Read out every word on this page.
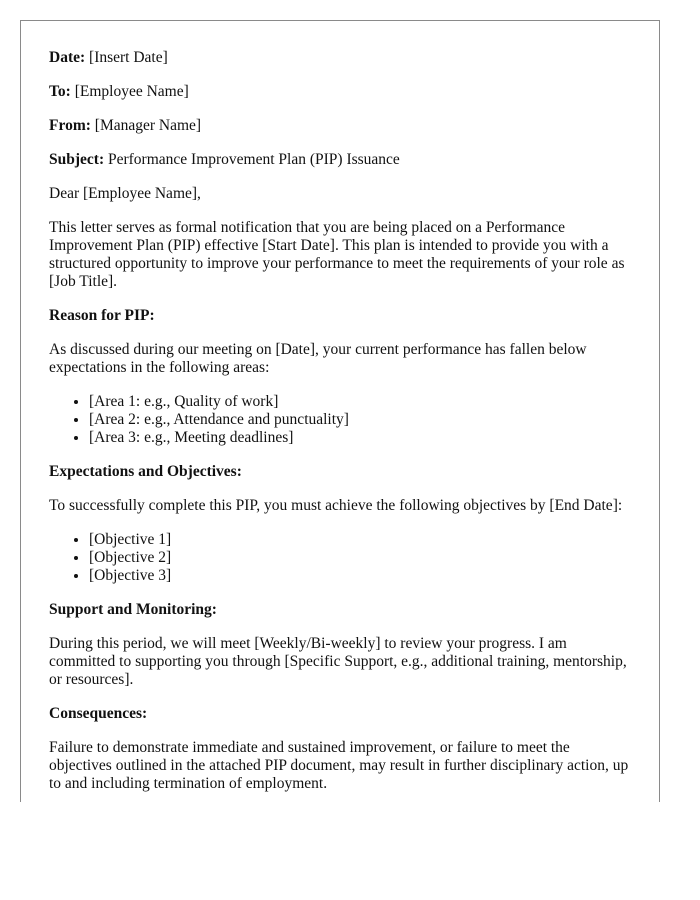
Date: [Insert Date]

To: [Employee Name]

From: [Manager Name]

Subject: Performance Improvement Plan (PIP) Issuance

Dear [Employee Name],

This letter serves as formal notification that you are being placed on a Performance Improvement Plan (PIP) effective [Start Date]. This plan is intended to provide you with a structured opportunity to improve your performance to meet the requirements of your role as [Job Title].

Reason for PIP:

As discussed during our meeting on [Date], your current performance has fallen below expectations in the following areas:

• [Area 1: e.g., Quality of work]
• [Area 2: e.g., Attendance and punctuality]
• [Area 3: e.g., Meeting deadlines]

Expectations and Objectives:

To successfully complete this PIP, you must achieve the following objectives by [End Date]:

• [Objective 1]
• [Objective 2]
• [Objective 3]

Support and Monitoring:

During this period, we will meet [Weekly/Bi-weekly] to review your progress. I am committed to supporting you through [Specific Support, e.g., additional training, mentorship, or resources].

Consequences:

Failure to demonstrate immediate and sustained improvement, or failure to meet the objectives outlined in the attached PIP document, may result in further disciplinary action, up to and including termination of employment.
